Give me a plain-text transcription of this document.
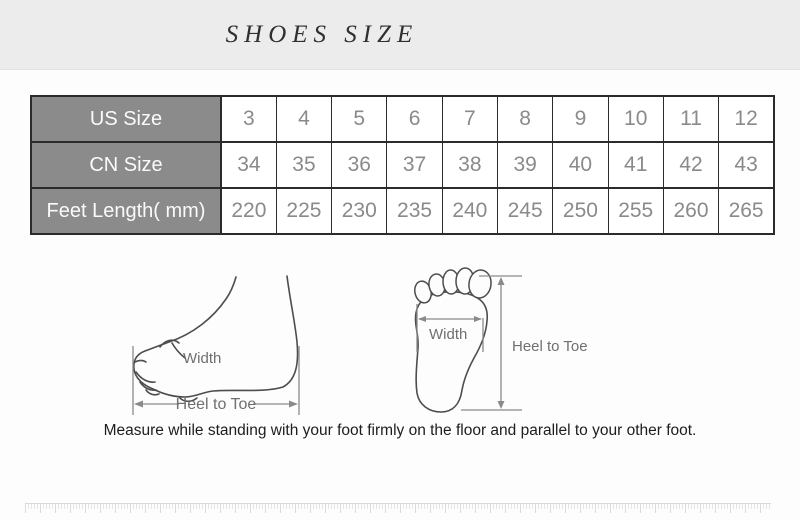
SHOES SIZE
US Size	3	4	5	6	7	8	9	10	11	12
CN Size	34	35	36	37	38	39	40	41	42	43
Feet Length( mm)	220	225	230	235	240	245	250	255	260	265
Width
Heel to Toe
Width
Heel to Toe
Measure while standing with your foot firmly on the floor and parallel to your other foot.
